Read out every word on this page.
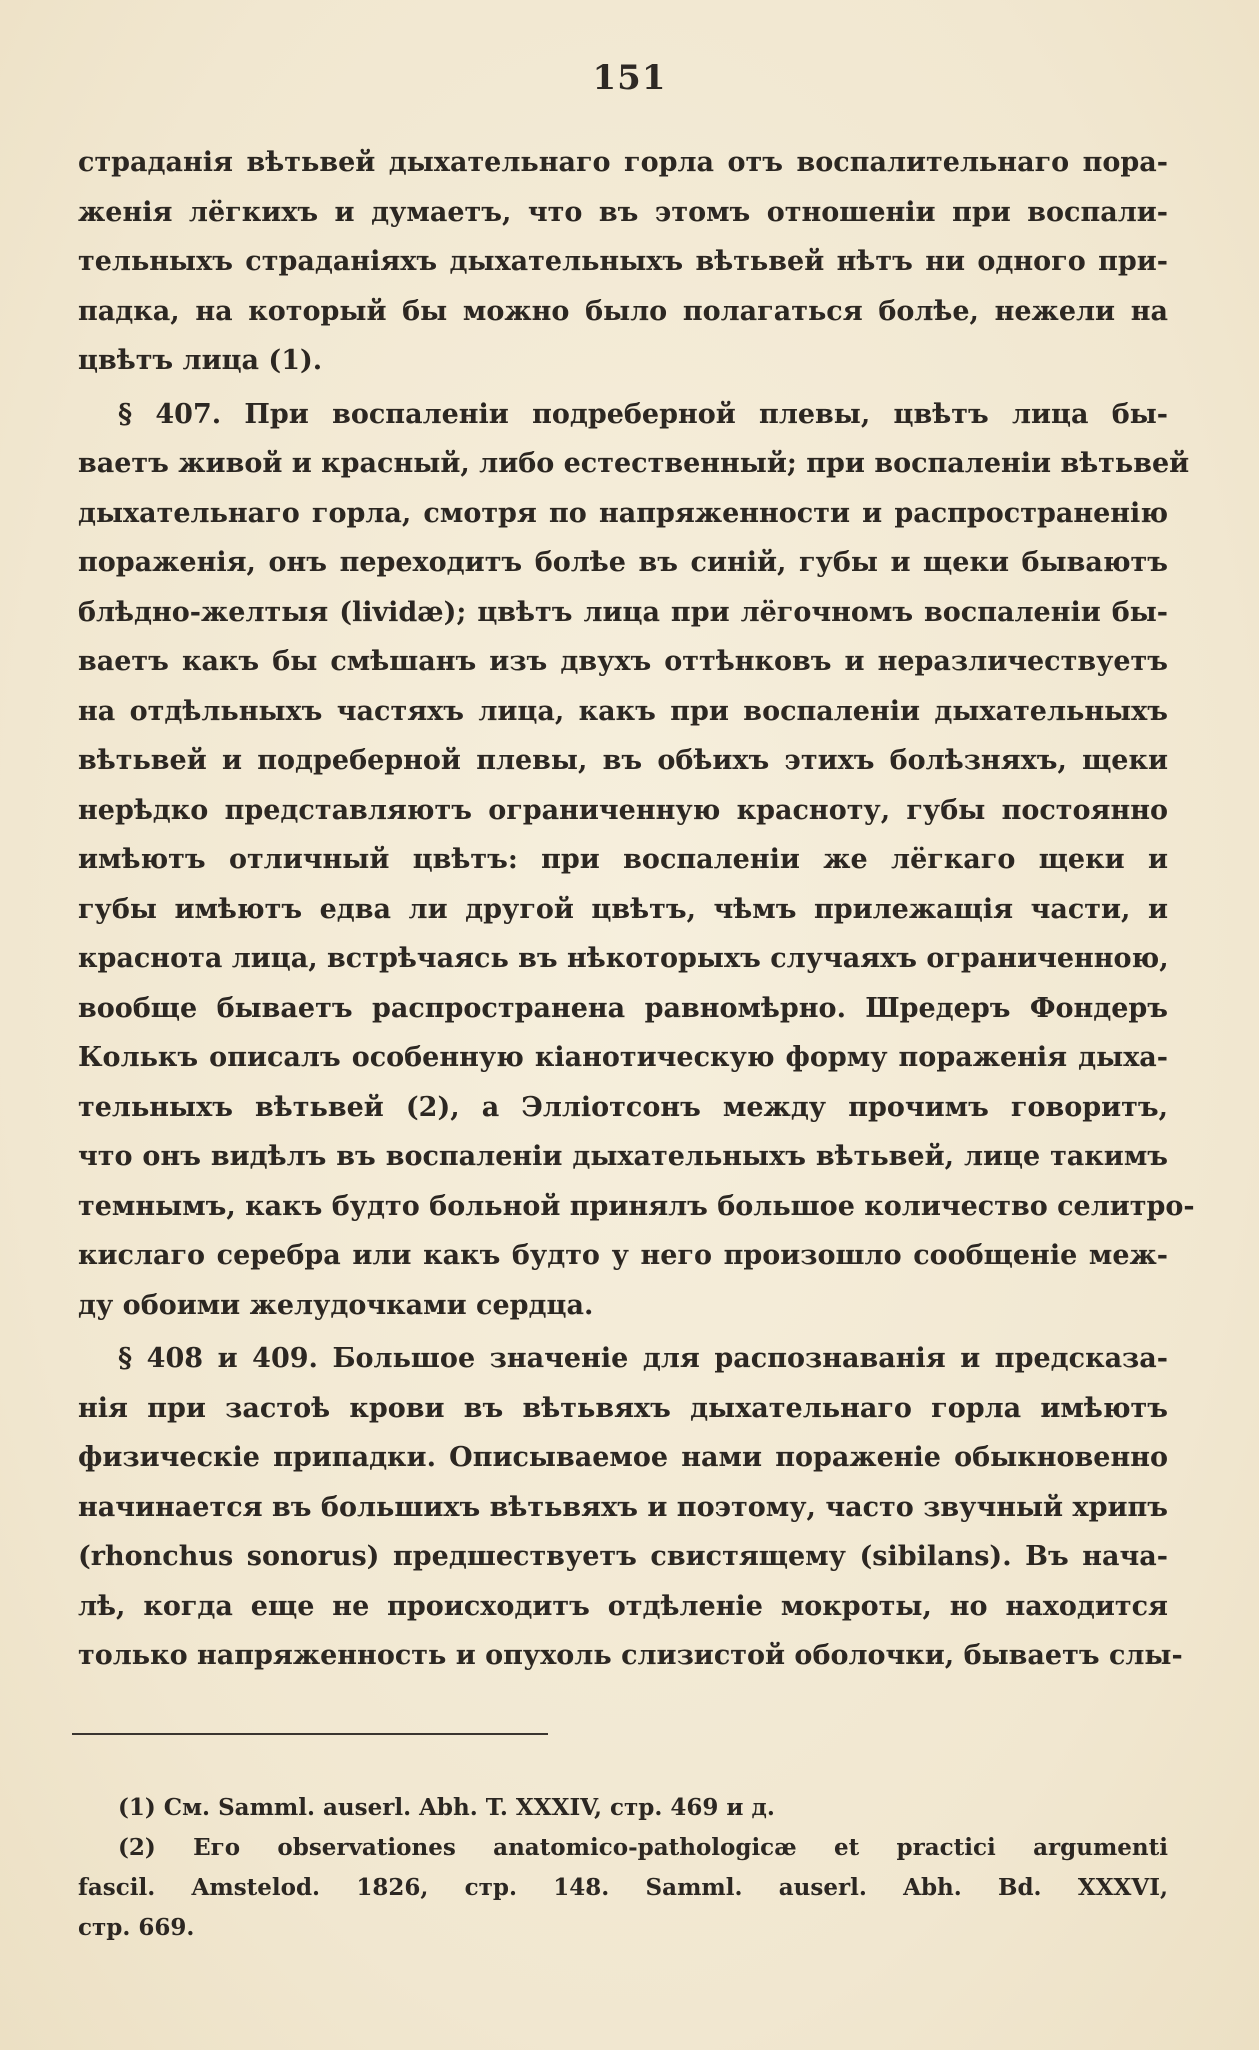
151
страданія вѣтьвей дыхательнаго горла отъ воспалительнаго пора-
женія лёгкихъ и думаетъ, что въ этомъ отношеніи при воспали-
тельныхъ страданіяхъ дыхательныхъ вѣтьвей нѣтъ ни одного при-
падка, на который бы можно было полагаться болѣе, нежели на
цвѣтъ лица (1).
§ 407. При воспаленіи подреберной плевы, цвѣтъ лица бы-
ваетъ живой и красный, либо естественный; при воспаленіи вѣтьвей
дыхательнаго горла, смотря по напряженности и распространенію
пораженія, онъ переходитъ болѣе въ синій, губы и щеки бываютъ
блѣдно-желтыя (lividæ); цвѣтъ лица при лёгочномъ воспаленіи бы-
ваетъ какъ бы смѣшанъ изъ двухъ оттѣнковъ и неразличествуетъ
на отдѣльныхъ частяхъ лица, какъ при воспаленіи дыхательныхъ
вѣтьвей и подреберной плевы, въ обѣихъ этихъ болѣзняхъ, щеки
нерѣдко представляютъ ограниченную красноту, губы постоянно
имѣютъ отличный цвѣтъ: при воспаленіи же лёгкаго щеки и
губы имѣютъ едва ли другой цвѣтъ, чѣмъ прилежащія части, и
краснота лица, встрѣчаясь въ нѣкоторыхъ случаяхъ ограниченною,
вообще бываетъ распространена равномѣрно. Шредеръ Фондеръ
Колькъ описалъ особенную кіанотическую форму пораженія дыха-
тельныхъ вѣтьвей (2), а Эллiотсонъ между прочимъ говоритъ,
что онъ видѣлъ въ воспаленіи дыхательныхъ вѣтьвей, лице такимъ
темнымъ, какъ будто больной принялъ большое количество селитро-
кислаго серебра или какъ будто у него произошло сообщеніе меж-
ду обоими желудочками сердца.
§ 408 и 409. Большое значеніе для распознаванія и предсказа-
нія при застоѣ крови въ вѣтьвяхъ дыхательнаго горла имѣютъ
физическіе припадки. Описываемое нами пораженіе обыкновенно
начинается въ большихъ вѣтьвяхъ и поэтому, часто звучный хрипъ
(rhonchus sonorus) предшествуетъ свистящему (sibilans). Въ нача-
лѣ, когда еще не происходитъ отдѣленіе мокроты, но находится
только напряженность и опухоль слизистой оболочки, бываетъ слы-
(1) См. Samml. auserl. Abh. T. XXXIV, стр. 469 и д.
(2) Его observationes anatomico-pathologicæ et practici argumenti
fascil. Amstelod. 1826, стр. 148. Samml. auserl. Abh. Bd. XXXVI,
стр. 669.
